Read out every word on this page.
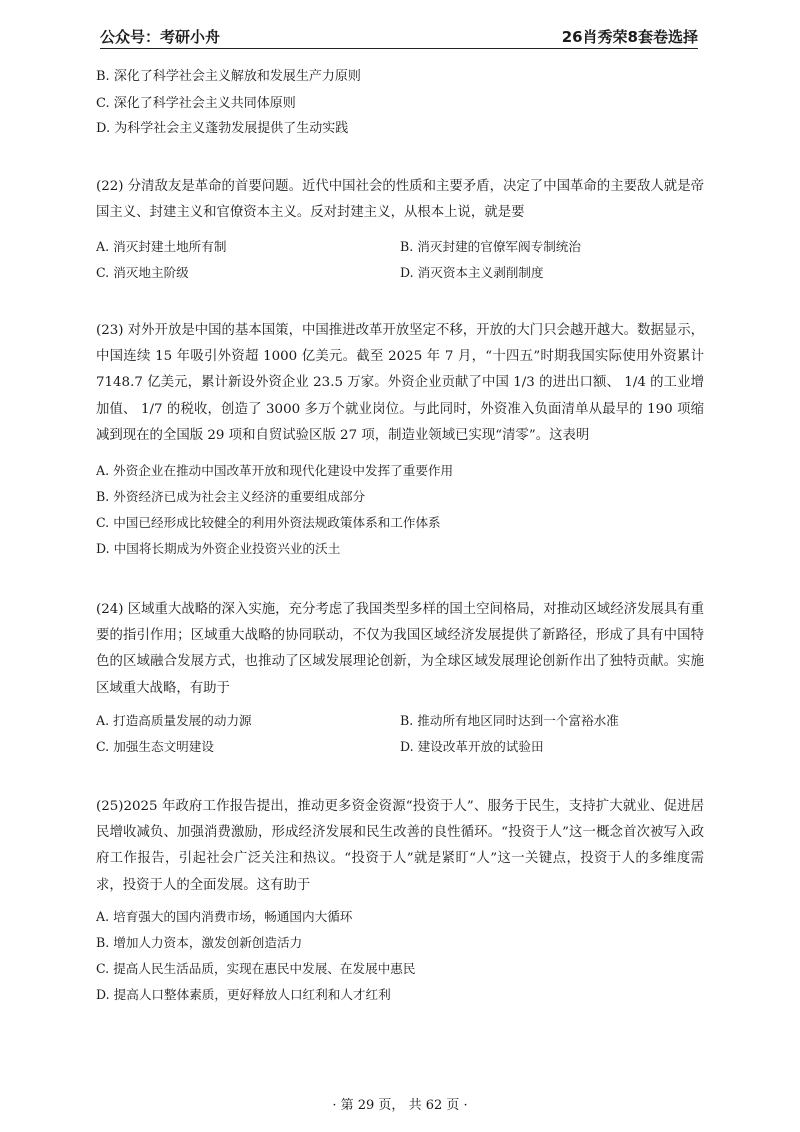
公众号：考研小舟	26肖秀荣8套卷选择
B. 深化了科学社会主义解放和发展生产力原则
C. 深化了科学社会主义共同体原则
D. 为科学社会主义蓬勃发展提供了生动实践
(22) 分清敌友是革命的首要问题。近代中国社会的性质和主要矛盾，决定了中国革命的主要敌人就是帝国主义、封建主义和官僚资本主义。反对封建主义，从根本上说，就是要
A. 消灭封建土地所有制	B. 消灭封建的官僚军阀专制统治
C. 消灭地主阶级	D. 消灭资本主义剥削制度
(23) 对外开放是中国的基本国策，中国推进改革开放坚定不移，开放的大门只会越开越大。数据显示，中国连续 15 年吸引外资超 1000 亿美元。截至 2025 年 7 月，“十四五”时期我国实际使用外资累计 7148.7 亿美元，累计新设外资企业 23.5 万家。外资企业贡献了中国 1/3 的进出口额、 1/4 的工业增加值、 1/7 的税收，创造了 3000 多万个就业岗位。与此同时，外资准入负面清单从最早的 190 项缩减到现在的全国版 29 项和自贸试验区版 27 项，制造业领域已实现“清零”。这表明
A. 外资企业在推动中国改革开放和现代化建设中发挥了重要作用
B. 外资经济已成为社会主义经济的重要组成部分
C. 中国已经形成比较健全的利用外资法规政策体系和工作体系
D. 中国将长期成为外资企业投资兴业的沃土
(24) 区域重大战略的深入实施，充分考虑了我国类型多样的国土空间格局，对推动区域经济发展具有重要的指引作用；区域重大战略的协同联动，不仅为我国区域经济发展提供了新路径，形成了具有中国特色的区域融合发展方式，也推动了区域发展理论创新，为全球区域发展理论创新作出了独特贡献。实施区域重大战略，有助于
A. 打造高质量发展的动力源	B. 推动所有地区同时达到一个富裕水准
C. 加强生态文明建设	D. 建设改革开放的试验田
(25)2025 年政府工作报告提出，推动更多资金资源“投资于人”、服务于民生，支持扩大就业、促进居民增收减负、加强消费激励，形成经济发展和民生改善的良性循环。“投资于人”这一概念首次被写入政府工作报告，引起社会广泛关注和热议。“投资于人”就是紧盯“人”这一关键点，投资于人的多维度需求，投资于人的全面发展。这有助于
A. 培育强大的国内消费市场，畅通国内大循环
B. 增加人力资本，激发创新创造活力
C. 提高人民生活品质，实现在惠民中发展、在发展中惠民
D. 提高人口整体素质，更好释放人口红利和人才红利
· 第 29 页， 共 62 页 ·
